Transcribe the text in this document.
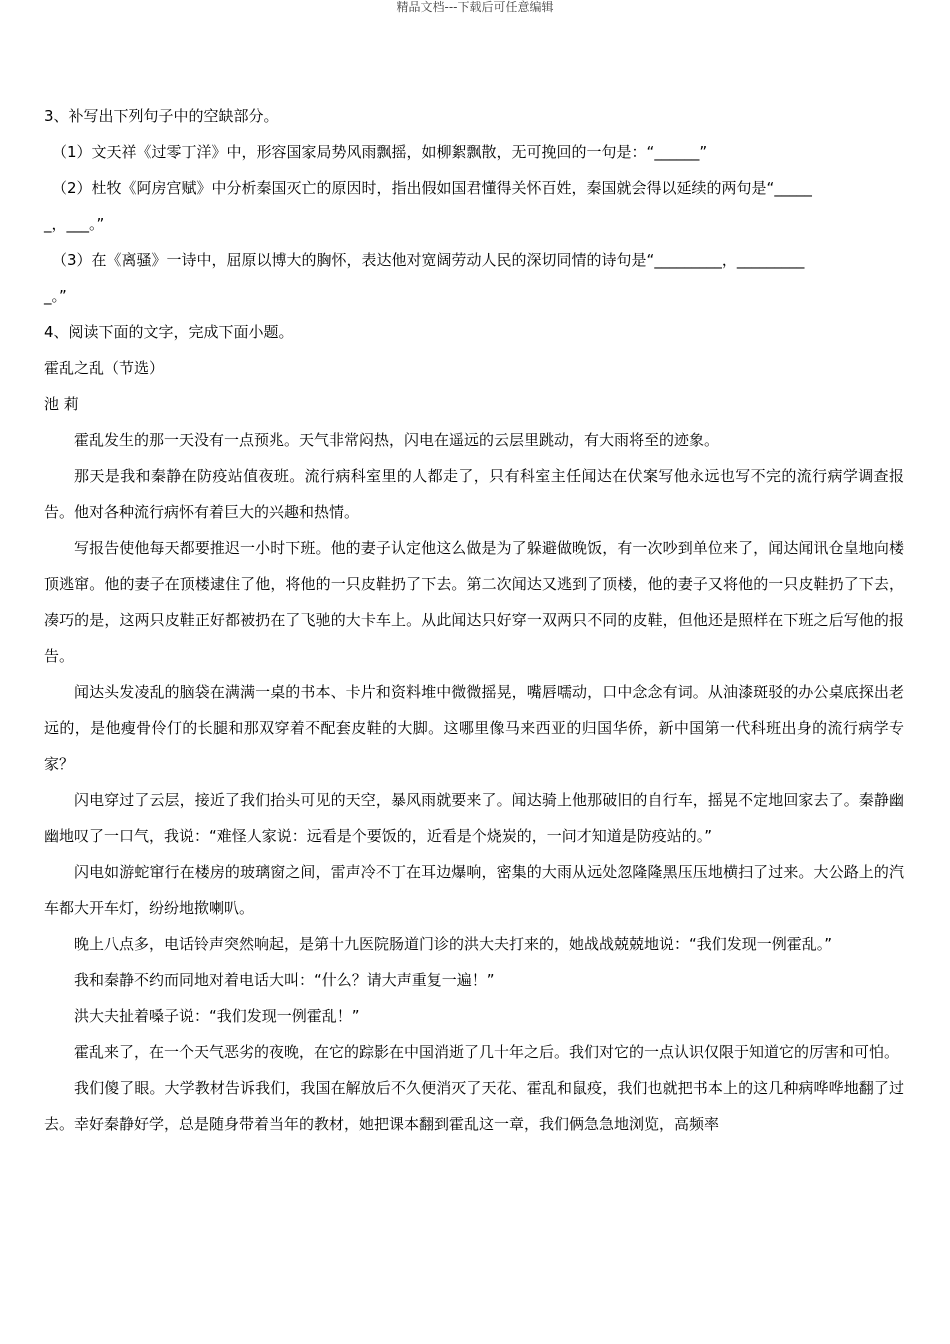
精品文档---下载后可任意编辑

3、补写出下列句子中的空缺部分。

（1）文天祥《过零丁洋》中，形容国家局势风雨飘摇，如柳絮飘散，无可挽回的一句是：“______”

（2）杜牧《阿房宫赋》中分析秦国灭亡的原因时，指出假如国君懂得关怀百姓，秦国就会得以延续的两句是“_____

_，___。”

（3）在《离骚》一诗中，屈原以博大的胸怀，表达他对宽阔劳动人民的深切同情的诗句是“_________，_________

_。”

4、阅读下面的文字，完成下面小题。

霍乱之乱（节选）

池 莉

霍乱发生的那一天没有一点预兆。天气非常闷热，闪电在遥远的云层里跳动，有大雨将至的迹象。

那天是我和秦静在防疫站值夜班。流行病科室里的人都走了，只有科室主任闻达在伏案写他永远也写不完的流行病学调查报告。他对各种流行病怀有着巨大的兴趣和热情。

写报告使他每天都要推迟一小时下班。他的妻子认定他这么做是为了躲避做晚饭，有一次吵到单位来了，闻达闻讯仓皇地向楼顶逃窜。他的妻子在顶楼逮住了他，将他的一只皮鞋扔了下去。第二次闻达又逃到了顶楼，他的妻子又将他的一只皮鞋扔了下去，凑巧的是，这两只皮鞋正好都被扔在了飞驰的大卡车上。从此闻达只好穿一双两只不同的皮鞋，但他还是照样在下班之后写他的报告。

闻达头发凌乱的脑袋在满满一桌的书本、卡片和资料堆中微微摇晃，嘴唇嚅动，口中念念有词。从油漆斑驳的办公桌底探出老远的，是他瘦骨伶仃的长腿和那双穿着不配套皮鞋的大脚。这哪里像马来西亚的归国华侨，新中国第一代科班出身的流行病学专家？

闪电穿过了云层，接近了我们抬头可见的天空，暴风雨就要来了。闻达骑上他那破旧的自行车，摇晃不定地回家去了。秦静幽幽地叹了一口气，我说：“难怪人家说：远看是个要饭的，近看是个烧炭的，一问才知道是防疫站的。”

闪电如游蛇窜行在楼房的玻璃窗之间，雷声冷不丁在耳边爆响，密集的大雨从远处忽隆隆黑压压地横扫了过来。大公路上的汽车都大开车灯，纷纷地揿喇叭。

晚上八点多，电话铃声突然响起，是第十九医院肠道门诊的洪大夫打来的，她战战兢兢地说：“我们发现一例霍乱。”

我和秦静不约而同地对着电话大叫：“什么？请大声重复一遍！”

洪大夫扯着嗓子说：“我们发现一例霍乱！”

霍乱来了，在一个天气恶劣的夜晚，在它的踪影在中国消逝了几十年之后。我们对它的一点认识仅限于知道它的厉害和可怕。

我们傻了眼。大学教材告诉我们，我国在解放后不久便消灭了天花、霍乱和鼠疫，我们也就把书本上的这几种病哗哗地翻了过去。幸好秦静好学，总是随身带着当年的教材，她把课本翻到霍乱这一章，我们俩急急地浏览，高频率
